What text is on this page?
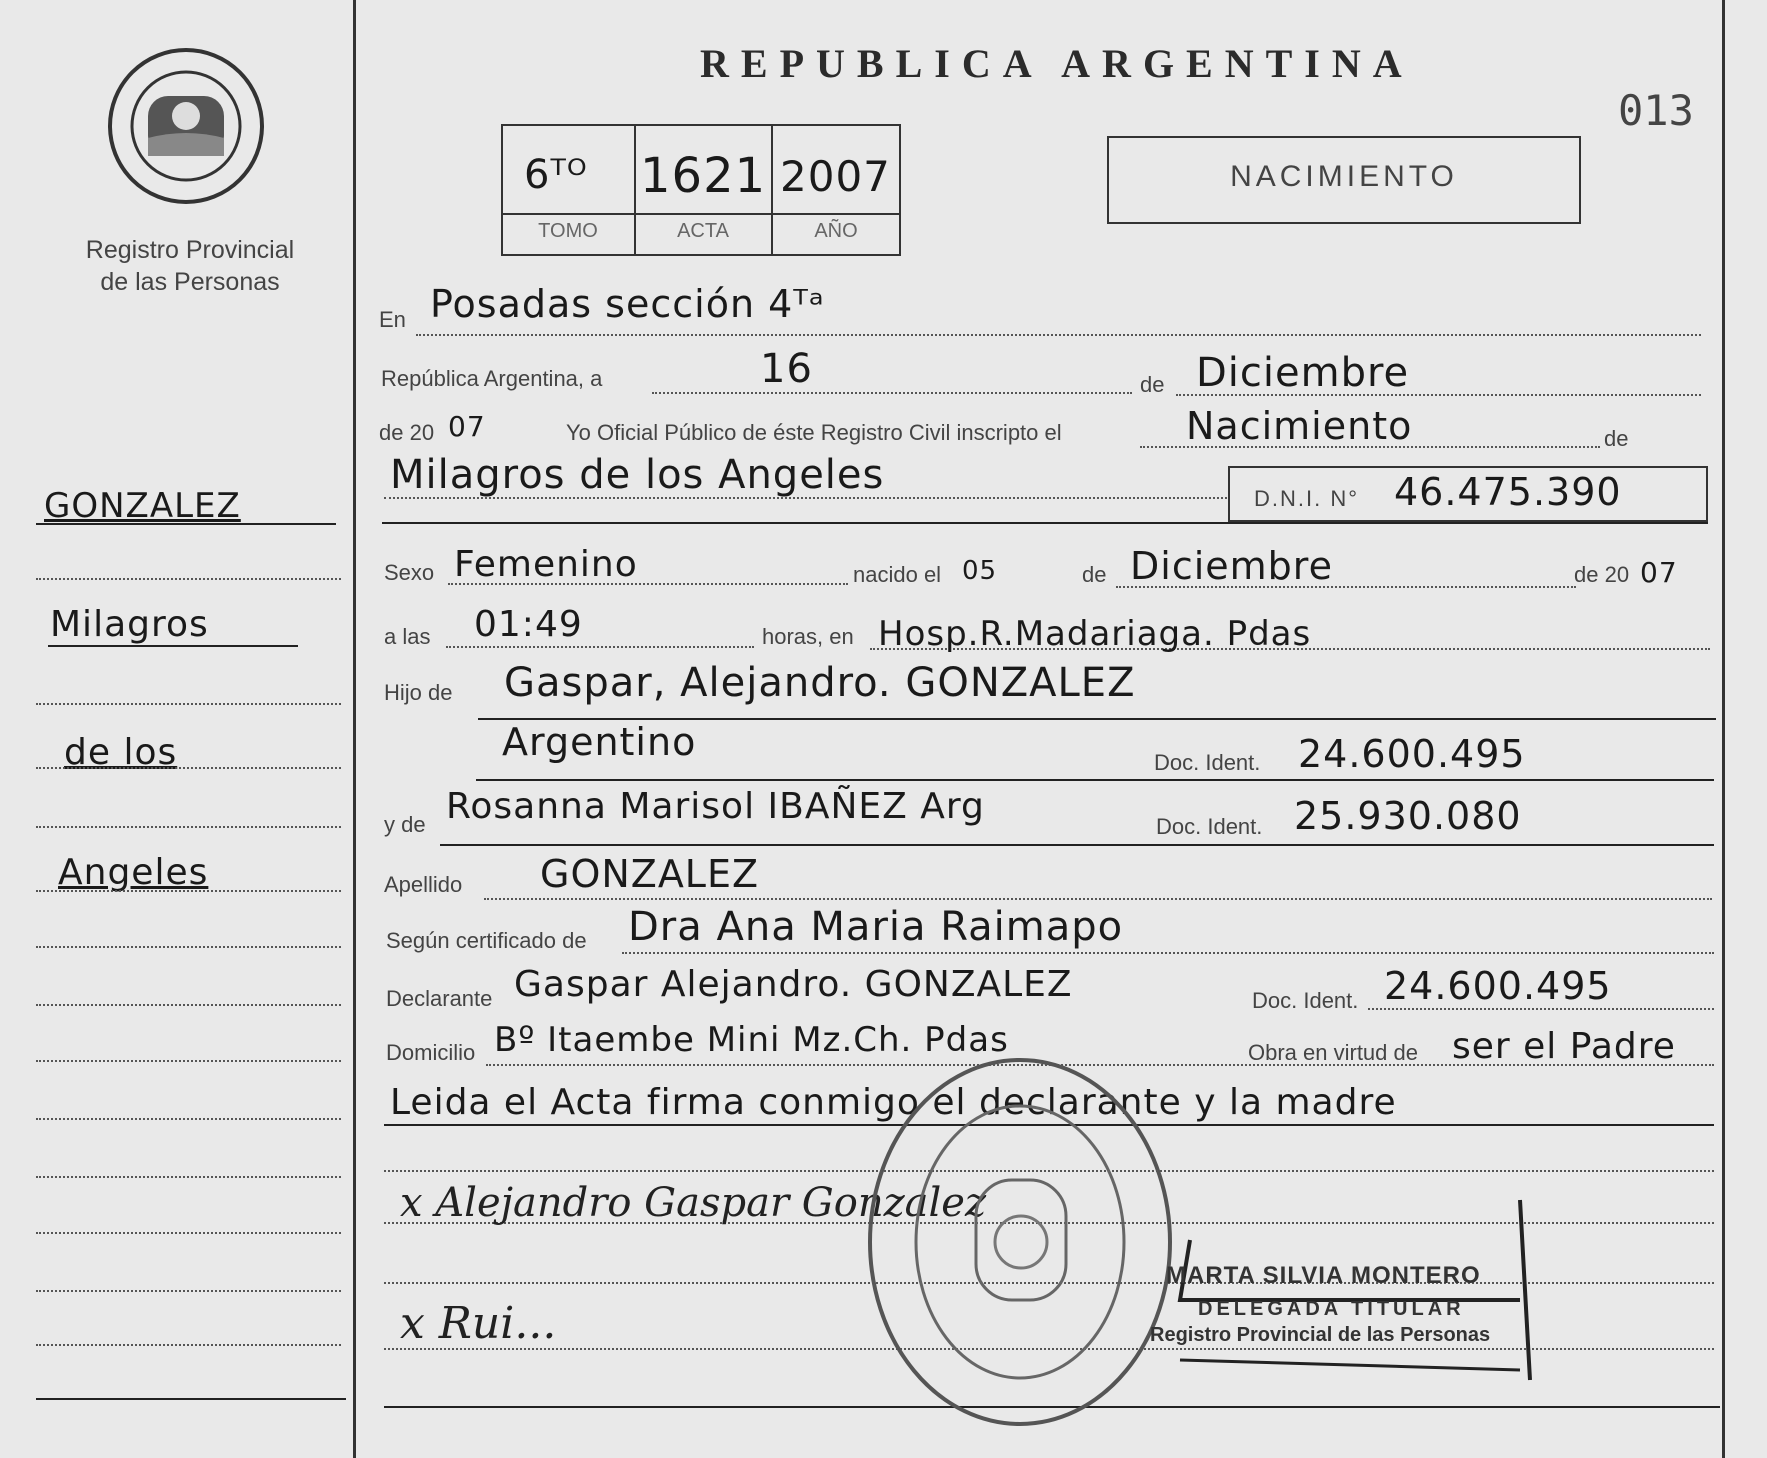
Registro Provincial
de las Personas
REPUBLICA ARGENTINA
013
6ᵀᴼ 1621 2007
TOMO	ACTA	AÑO
NACIMIENTO
GONZALEZ
Milagros
de los
Angeles
En Posadas sección 4ᵀᵃ
República Argentina, a	16	de Diciembre
de 20 07	Yo Oficial Público de éste Registro Civil inscripto el	Nacimiento	de
Milagros de los Angeles
D.N.I. N° 46.475.390
Sexo Femenino	nacido el 05	de Diciembre	de 20 07
a las 01:49	horas, en Hosp.R.Madariaga. Pdas
Hijo de Gaspar, Alejandro. GONZALEZ
Argentino	Doc. Ident. 24.600.495
y de Rosanna Marisol IBAÑEZ Arg	Doc. Ident. 25.930.080
Apellido GONZALEZ
Según certificado de Dra Ana Maria Raimapo
Declarante Gaspar Alejandro. GONZALEZ	Doc. Ident. 24.600.495
Domicilio Bº Itaembe Mini Mz.Ch. Pdas	Obra en virtud de ser el Padre
Leida el Acta firma conmigo el declarante y la madre
x Alejandro Gaspar Gonzalez
x Rui...
MARTA SILVIA MONTERO
DELEGADA TITULAR
Registro Provincial de las Personas
